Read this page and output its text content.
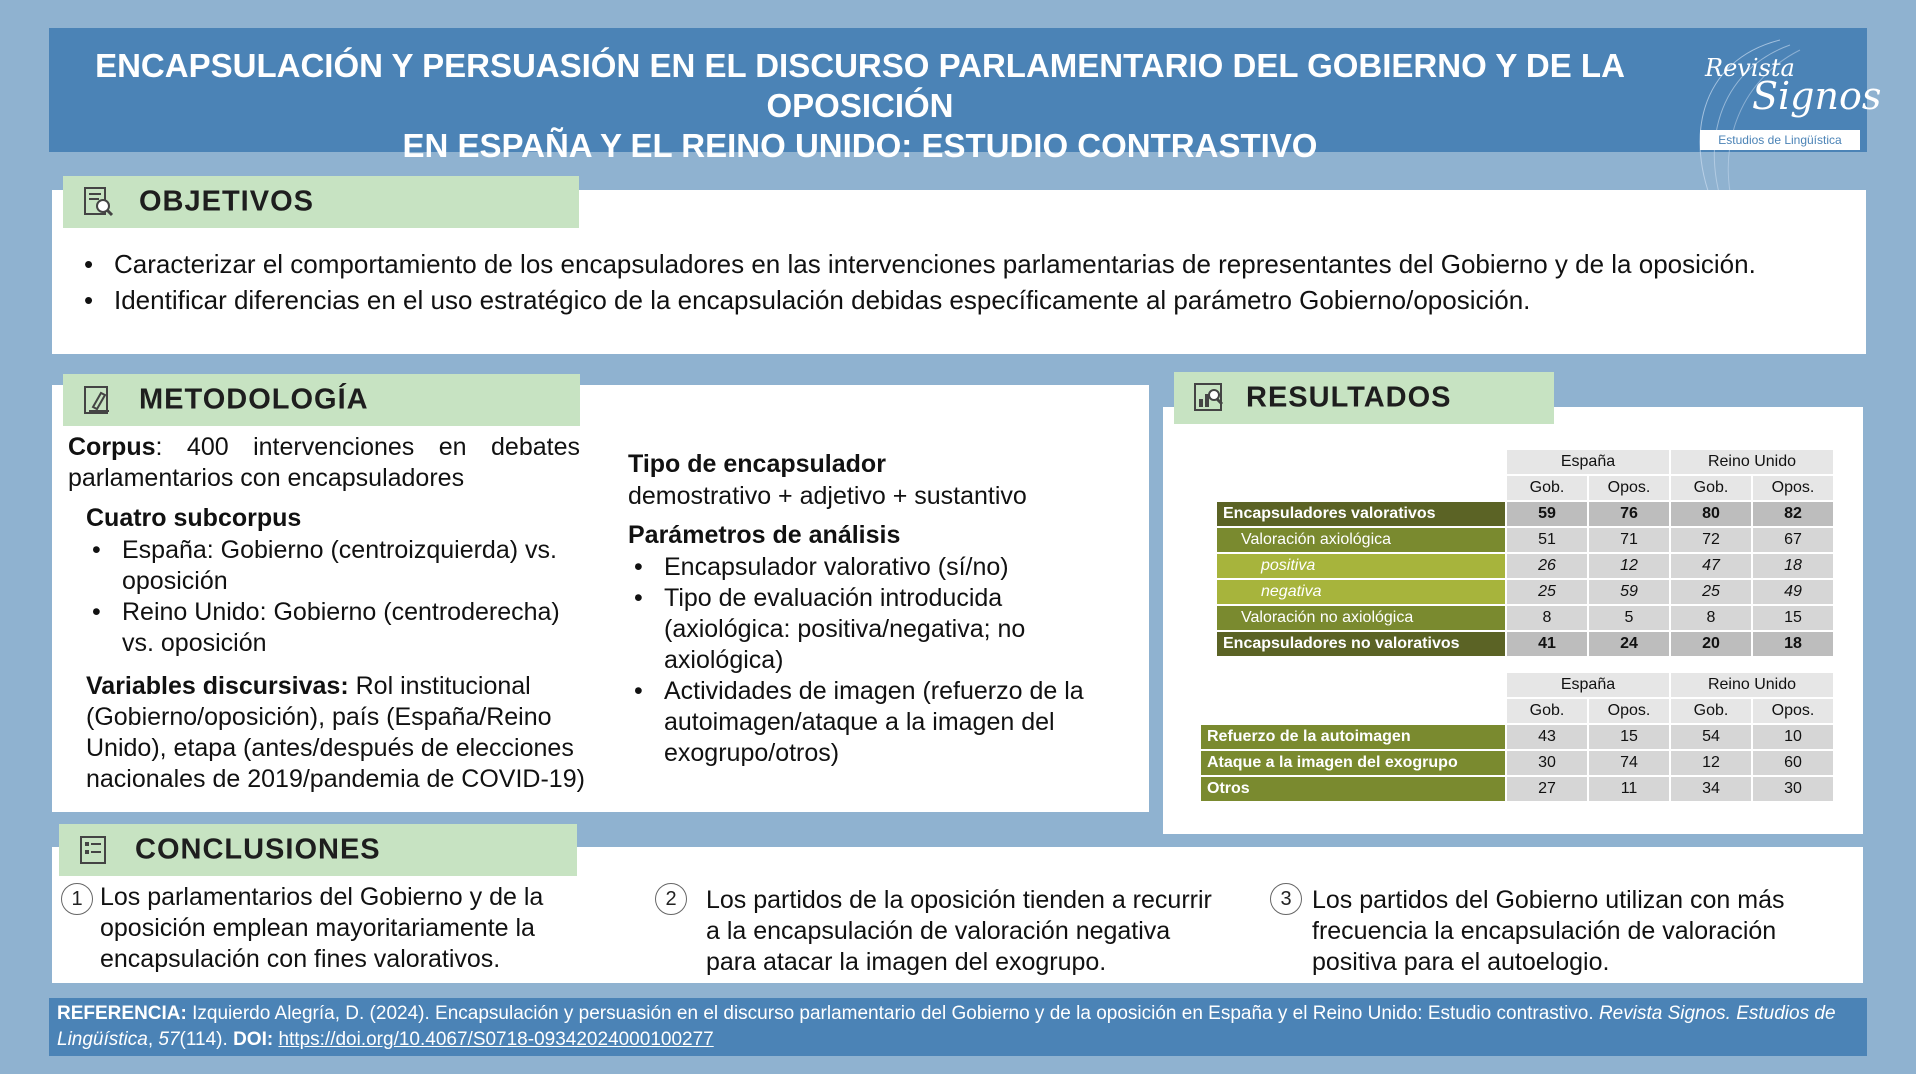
ENCAPSULACIÓN Y PERSUASIÓN EN EL DISCURSO PARLAMENTARIO DEL GOBIERNO Y DE LA OPOSICIÓN
EN ESPAÑA Y EL REINO UNIDO: ESTUDIO CONTRASTIVO
Revista
Signos
Estudios de Lingüística
OBJETIVOS
• Caracterizar el comportamiento de los encapsuladores en las intervenciones parlamentarias de representantes del Gobierno y de la oposición.
• Identificar diferencias en el uso estratégico de la encapsulación debidas específicamente al parámetro Gobierno/oposición.
METODOLOGÍA
Corpus: 400 intervenciones en debates parlamentarios con encapsuladores
Cuatro subcorpus
• España: Gobierno (centroizquierda) vs. oposición
• Reino Unido: Gobierno (centroderecha) vs. oposición
Variables discursivas: Rol institucional (Gobierno/oposición), país (España/Reino Unido), etapa (antes/después de elecciones nacionales de 2019/pandemia de COVID-19)
Tipo de encapsulador
demostrativo + adjetivo + sustantivo
Parámetros de análisis
• Encapsulador valorativo (sí/no)
• Tipo de evaluación introducida (axiológica: positiva/negativa; no axiológica)
• Actividades de imagen (refuerzo de la autoimagen/ataque a la imagen del exogrupo/otros)
RESULTADOS
	España		Reino Unido	
	Gob.	Opos.	Gob.	Opos.
Encapsuladores valorativos	59	76	80	82
Valoración axiológica	51	71	72	67
positiva	26	12	47	18
negativa	25	59	25	49
Valoración no axiológica	8	5	8	15
Encapsuladores no valorativos	41	24	20	18
	España		Reino Unido	
	Gob.	Opos.	Gob.	Opos.
Refuerzo de la autoimagen	43	15	54	10
Ataque a la imagen del exogrupo	30	74	12	60
Otros	27	11	34	30
CONCLUSIONES
1 Los parlamentarios del Gobierno y de la oposición emplean mayoritariamente la encapsulación con fines valorativos.
2	Los partidos de la oposición tienden a recurrir a la encapsulación de valoración negativa para atacar la imagen del exogrupo.
3 Los partidos del Gobierno utilizan con más frecuencia la encapsulación de valoración positiva para el autoelogio.
REFERENCIA: Izquierdo Alegría, D. (2024). Encapsulación y persuasión en el discurso parlamentario del Gobierno y de la oposición en España y el Reino Unido: Estudio contrastivo. Revista Signos. Estudios de Lingüística, 57(114). DOI: https://doi.org/10.4067/S0718-09342024000100277
